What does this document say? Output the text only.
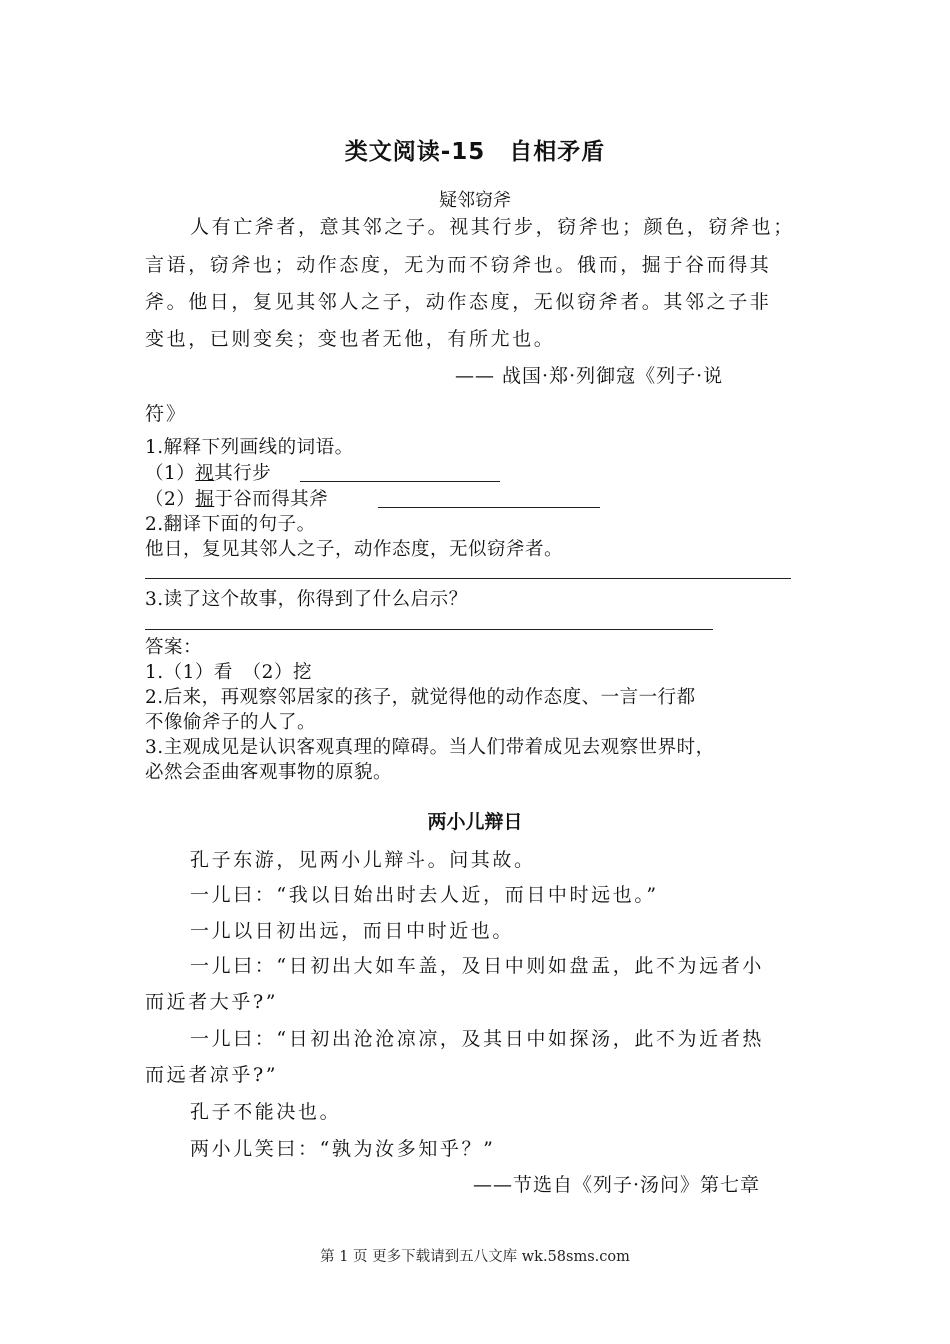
类文阅读-15　自相矛盾
疑邻窃斧
人有亡斧者，意其邻之子。视其行步，窃斧也；颜色，窃斧也；
言语，窃斧也；动作态度，无为而不窃斧也。俄而，掘于谷而得其
斧。他日，复见其邻人之子，动作态度，无似窃斧者。其邻之子非
变也，已则变矣；变也者无他，有所尤也。
—— 战国·郑·列御寇《列子·说
符》
1.解释下列画线的词语。
（1）视其行步
（2）掘于谷而得其斧
2.翻译下面的句子。
他日，复见其邻人之子，动作态度，无似窃斧者。
3.读了这个故事，你得到了什么启示？
答案：
1.（1）看　（2）挖
2.后来，再观察邻居家的孩子，就觉得他的动作态度、一言一行都
不像偷斧子的人了。
3.主观成见是认识客观真理的障碍。当人们带着成见去观察世界时，
必然会歪曲客观事物的原貌。
两小儿辩日
孔子东游，见两小儿辩斗。问其故。
一儿曰：“我以日始出时去人近，而日中时远也。”
一儿以日初出远，而日中时近也。
一儿曰：“日初出大如车盖，及日中则如盘盂，此不为远者小
而近者大乎?”
一儿曰：“日初出沧沧凉凉，及其日中如探汤，此不为近者热
而远者凉乎?”
孔子不能决也。
两小儿笑曰：“孰为汝多知乎？”
——节选自《列子·汤问》第七章
第 1 页 更多下载请到五八文库 wk.58sms.com
